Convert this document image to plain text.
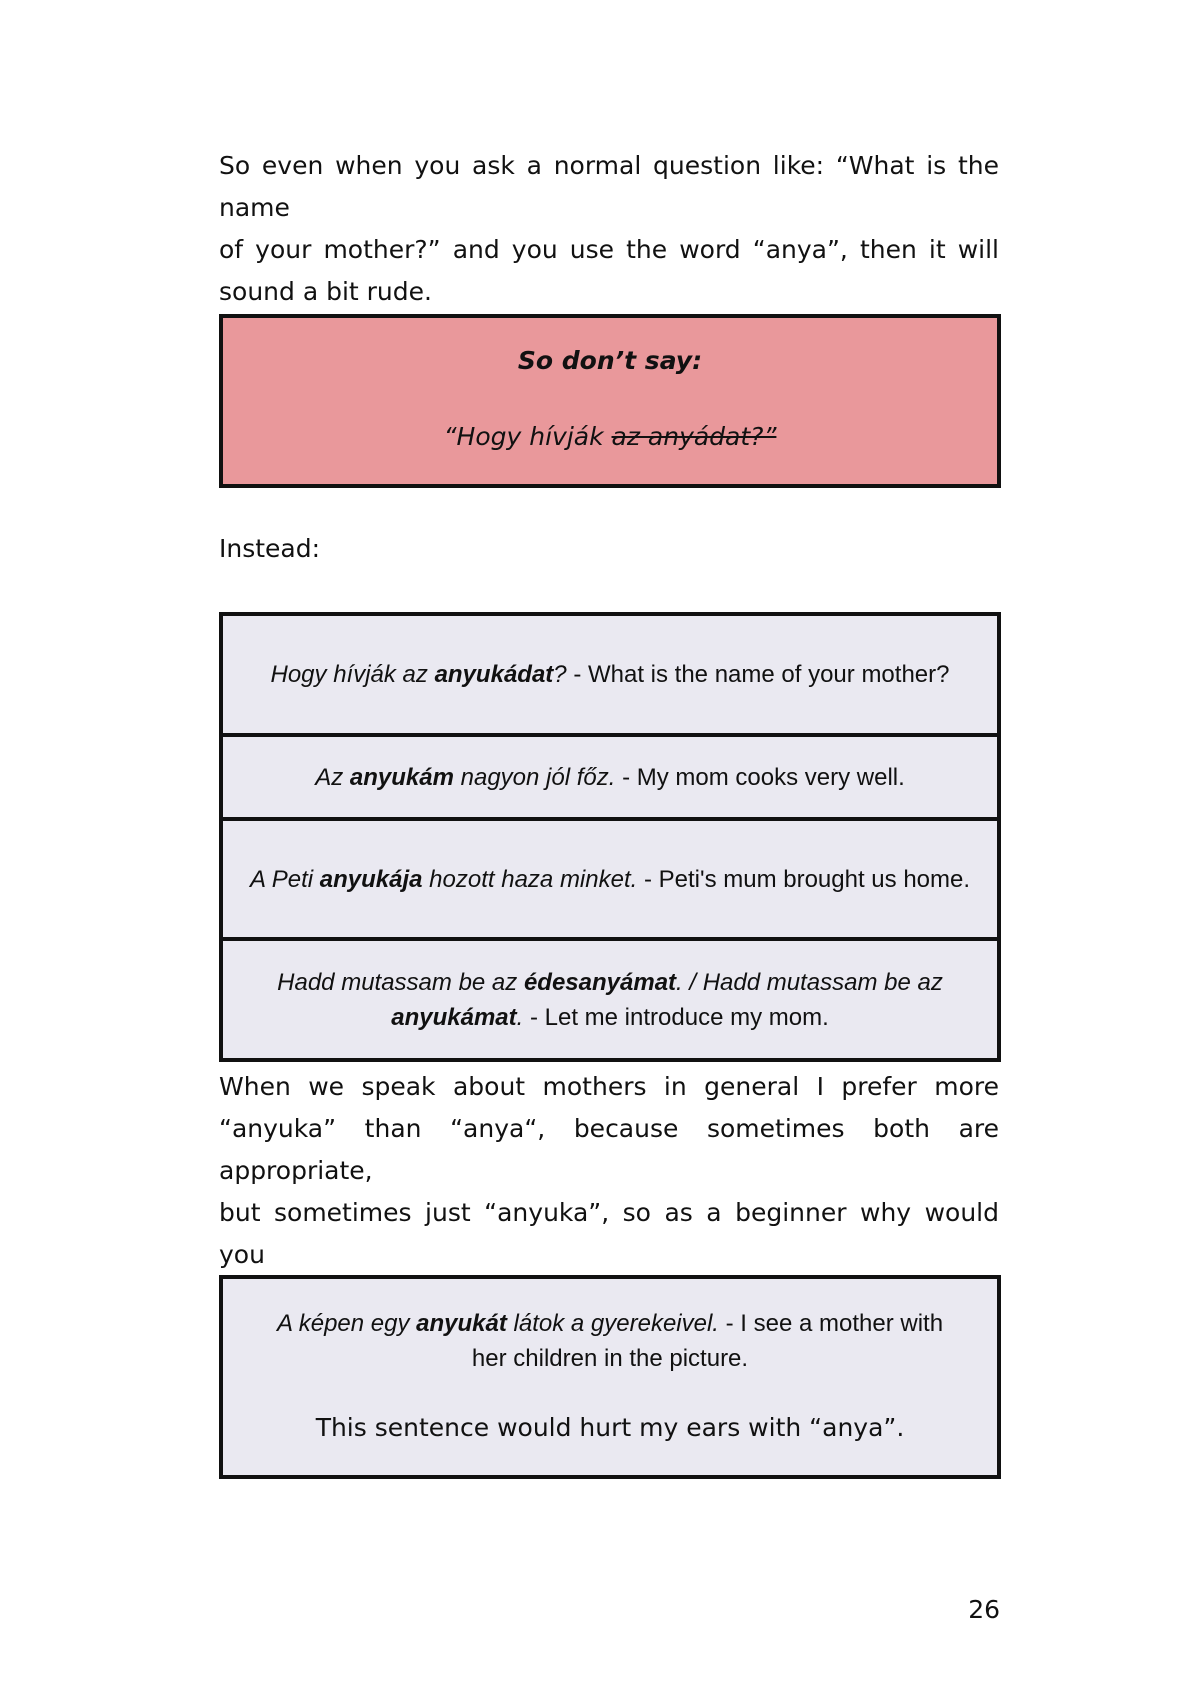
So even when you ask a normal question like: “What is the name
of your mother?” and you use the word “anya”, then it will
sound a bit rude.
So don’t say:
“Hogy hívják az anyádat?”
Instead:
Hogy hívják az anyukádat? - What is the name of your mother?
Az anyukám nagyon jól főz. - My mom cooks very well.
A Peti anyukája hozott haza minket. - Peti's mum brought us home.
Hadd mutassam be az édesanyámat. / Hadd mutassam be az anyukámat. - Let me introduce my mom.
When we speak about mothers in general I prefer more
“anyuka” than “anya“, because sometimes both are appropriate,
but sometimes just “anyuka”, so as a beginner why would you
A képen egy anyukát látok a gyerekeivel. - I see a mother with her children in the picture.
This sentence would hurt my ears with “anya”.
26
